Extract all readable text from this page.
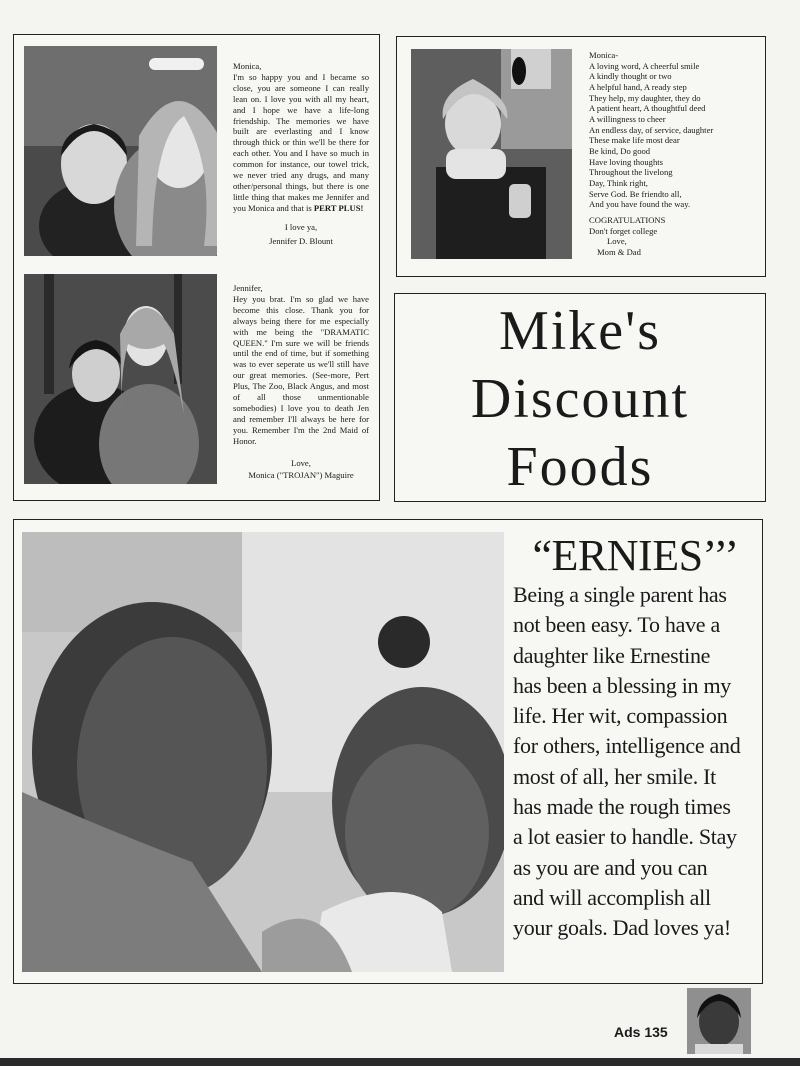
Monica,

I'm so happy you and I became so close, you are someone I can really lean on. I love you with all my heart, and I hope we have a life-long friendship. The memories we have built are everlasting and I know through thick or thin we'll be there for each other. You and I have so much in common for instance, our towel trick, we never tried any drugs, and many other/personal things, but there is one little thing that makes me Jennifer and you Monica and that is PERT PLUS!

I love ya,

Jennifer D. Blount

Jennifer,

Hey you brat. I'm so glad we have become this close. Thank you for always being there for me especially with me being the "DRAMATIC QUEEN." I'm sure we will be friends until the end of time, but if something was to ever seperate us we'll still have our great memories. (See-more, Pert Plus, The Zoo, Black Angus, and most of all those unmentionable somebodies) I love you to death Jen and remember I'll always be here for you. Remember I'm the 2nd Maid of Honor.

Love,

Monica ("TROJAN") Maguire

Monica-
A loving word, A cheerful smile
A kindly thought or two
A helpful hand, A ready step
They help, my daughter, they do
A patient heart, A thoughtful deed
A willingness to cheer
An endless day, of service, daughter
These make life most dear
Be kind, Do good
Have loving thoughts
Throughout the livelong
Day, Think right,
Serve God. Be friendto all,
And you have found the way.
COGRATULATIONS
Don't forget college
Love,
Mom & Dad
Mike's
Discount
Foods
“ERNIES’’’
Being a single parent has
not been easy. To have a
daughter like Ernestine
has been a blessing in my
life. Her wit, compassion
for others, intelligence and
most of all, her smile. It
has made the rough times
a lot easier to handle. Stay
as you are and you can
and will accomplish all
your goals. Dad loves ya!
Ads 135
